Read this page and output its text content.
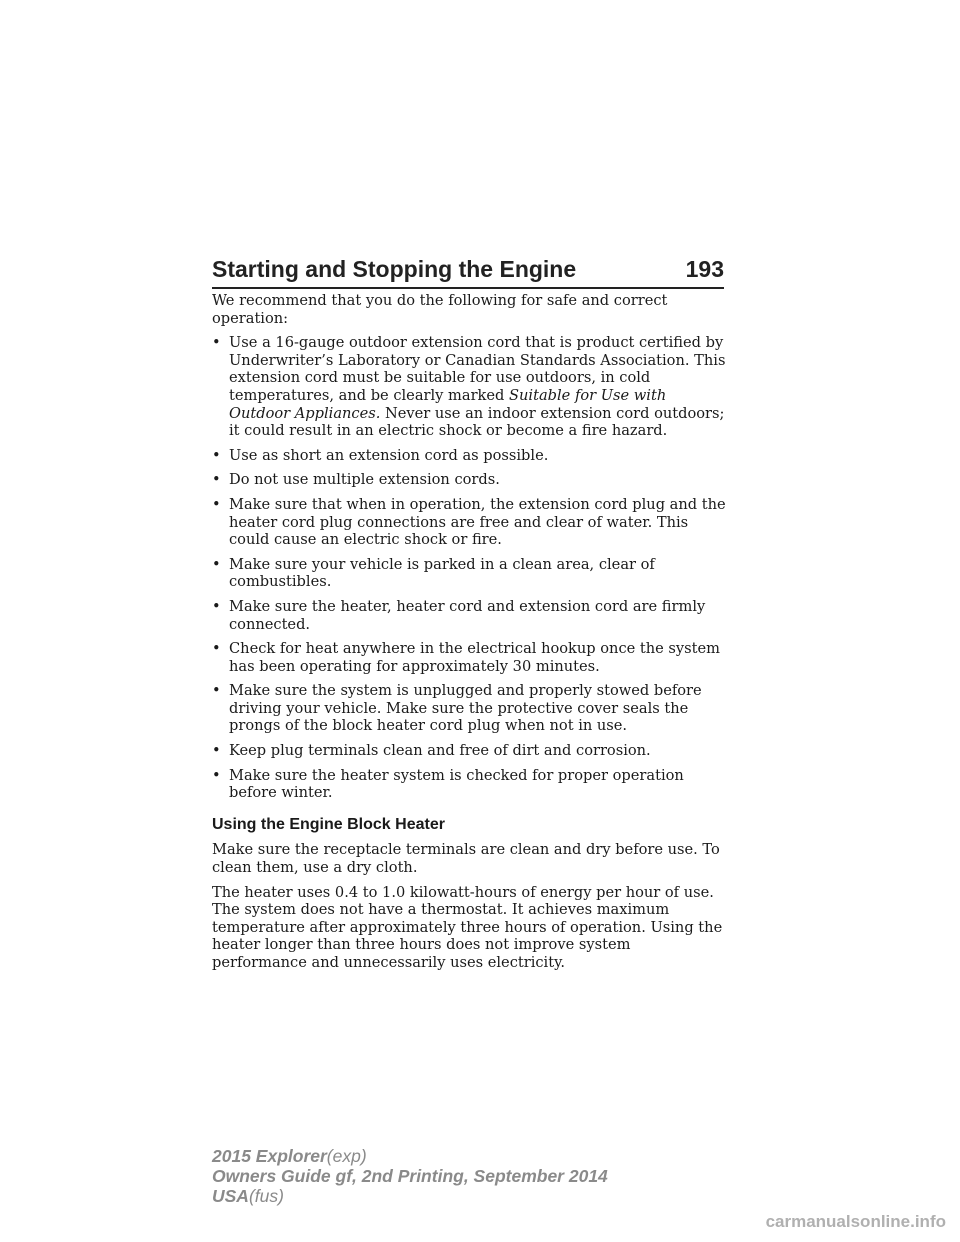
Starting and Stopping the Engine	193

We recommend that you do the following for safe and correct operation:

• Use a 16-gauge outdoor extension cord that is product certified by Underwriter’s Laboratory or Canadian Standards Association. This extension cord must be suitable for use outdoors, in cold temperatures, and be clearly marked Suitable for Use with Outdoor Appliances. Never use an indoor extension cord outdoors; it could result in an electric shock or become a fire hazard.
• Use as short an extension cord as possible.
• Do not use multiple extension cords.
• Make sure that when in operation, the extension cord plug and the heater cord plug connections are free and clear of water. This could cause an electric shock or fire.
• Make sure your vehicle is parked in a clean area, clear of combustibles.
• Make sure the heater, heater cord and extension cord are firmly connected.
• Check for heat anywhere in the electrical hookup once the system has been operating for approximately 30 minutes.
• Make sure the system is unplugged and properly stowed before driving your vehicle. Make sure the protective cover seals the prongs of the block heater cord plug when not in use.
• Keep plug terminals clean and free of dirt and corrosion.
• Make sure the heater system is checked for proper operation before winter.
Using the Engine Block Heater

Make sure the receptacle terminals are clean and dry before use. To clean them, use a dry cloth.

The heater uses 0.4 to 1.0 kilowatt-hours of energy per hour of use. The system does not have a thermostat. It achieves maximum temperature after approximately three hours of operation. Using the heater longer than three hours does not improve system performance and unnecessarily uses electricity.

2015 Explorer(exp)
Owners Guide gf, 2nd Printing, September 2014
USA(fus)
carmanualsonline.info
